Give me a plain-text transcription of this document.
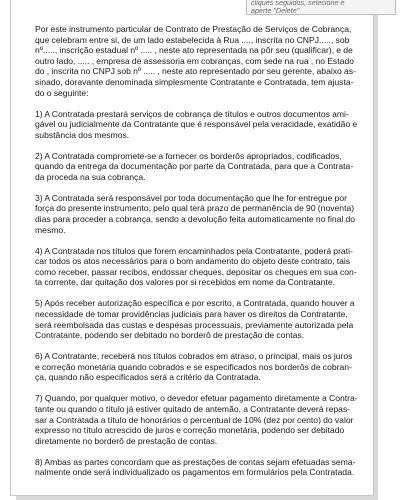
cliques seguidos, selecione e
aperte "Delete"

Por este instrumento particular de Contrato de Prestação de Serviços de Cobrança,
que celebram entre si, de um lado estabelecida à Rua ...., inscrita no CNPJ....., sob
nº....., inscrição estadual nº ..... , neste ato representada na pôr seu (qualificar), e de
outro lado, ..... , empresa de assessoria em cobranças, com sede na rua , no Estado
do , inscrita no CNPJ sob nº ..... , neste ato representado por seu gerente, abaixo as-
sinado, doravante denominada simplesmente Contratante e Contratada, tem ajusta-
do o seguinte:

1) A Contratada prestará serviços de cobrança de títulos e outros documentos ami-
gável ou judicialmente da Contratante que é responsável pela veracidade, exatidão e
substância dos mesmos.

2) A Contratada compromete-se a fornecer os borderôs apropriados, codificados,
quando da entrega da documentação por parte da Contratada, para que a Contrata-
da proceda na sua cobrança.

3) A Contratada será responsável por toda documentação que lhe for entregue por
força do presente instrumento, pelo qual terá prazo de permanência de 90 (noventa)
dias para proceder a cobrança, sendo a devolução feita automaticamente no final do
mesmo.

4) A Contratada nos títulos que forem encaminhados pela Contratante, poderá prati-
car todos os atos necessários para o bom andamento do objeto deste contrato, tais
como receber, passar recibos, endossar cheques, depositar os cheques em sua con-
ta corrente, dar quitação dos valores por si recebidos em nome da Contratante.

5) Após receber autorização específica e por escrito, a Contratada, quando houver a
necessidade de tomar providências judiciais para haver os direitos da Contratante,
será reembolsada das custas e despesas processuais, previamente autorizada pela
Contratante, podendo ser debitado no borderô de prestação de contas.

6) A Contratante, receberá nos títulos cobrados em atraso, o principal, mais os juros
e correção monetária quando cobrados e se especificados nos borderôs de cobran-
ça, quando não especificados será a critério da Contratada.

7) Quando, por qualquer motivo, o devedor efetuar pagamento diretamente a Contra-
tante ou quando o título já estiver quitado de antemão, a Contratante deverá repas-
sar a Contratada a título de honorários o percentual de 10% (dez por cento) do valor
expresso no título acrescido de juros e correção monetária, podendo ser debitado
diretamente no borderô de prestação de contas.

8) Ambas as partes concordam que as prestações de contas sejam efetuadas sema-
nalmente onde será individualizado os pagamentos em formulários pela Contratada.
